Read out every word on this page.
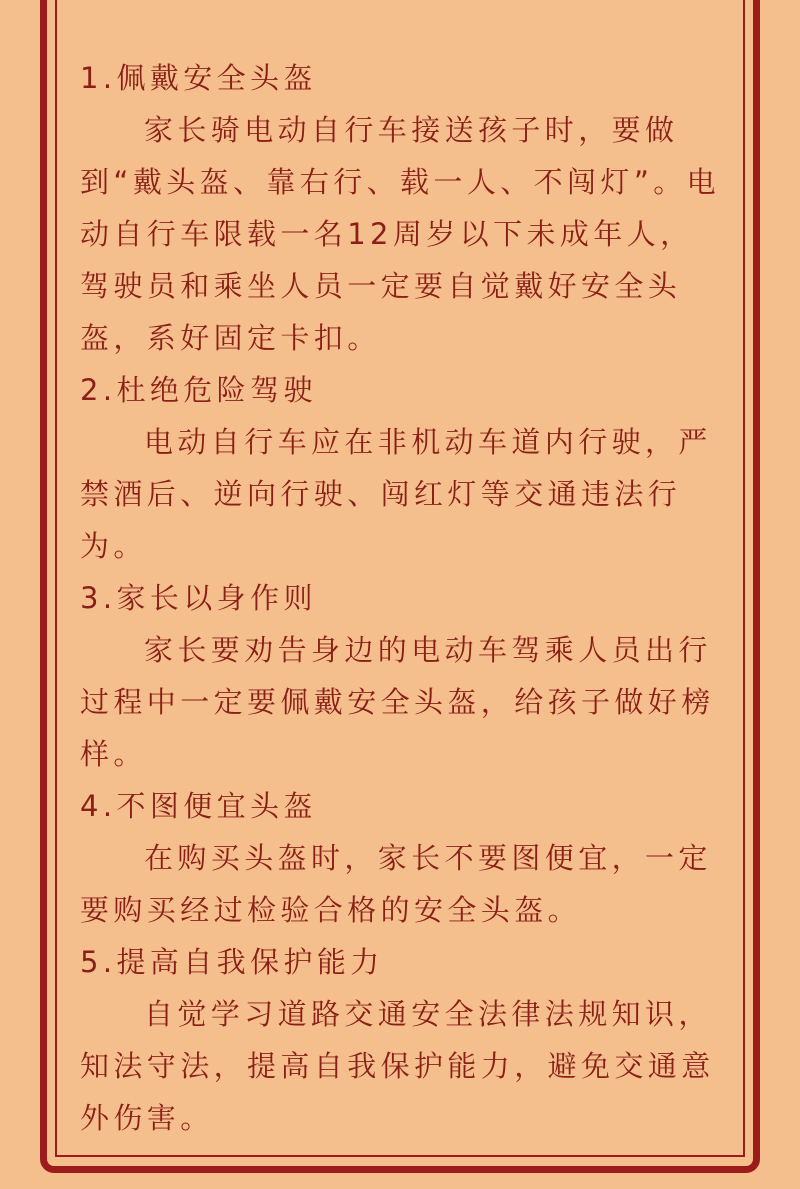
1.佩戴安全头盔

家长骑电动自行车接送孩子时，要做到“戴头盔、靠右行、载一人、不闯灯”。电动自行车限载一名12周岁以下未成年人，驾驶员和乘坐人员一定要自觉戴好安全头盔，系好固定卡扣。

2.杜绝危险驾驶

电动自行车应在非机动车道内行驶，严禁酒后、逆向行驶、闯红灯等交通违法行为。

3.家长以身作则

家长要劝告身边的电动车驾乘人员出行过程中一定要佩戴安全头盔，给孩子做好榜样。

4.不图便宜头盔

在购买头盔时，家长不要图便宜，一定要购买经过检验合格的安全头盔。

5.提高自我保护能力

自觉学习道路交通安全法律法规知识，知法守法，提高自我保护能力，避免交通意外伤害。
